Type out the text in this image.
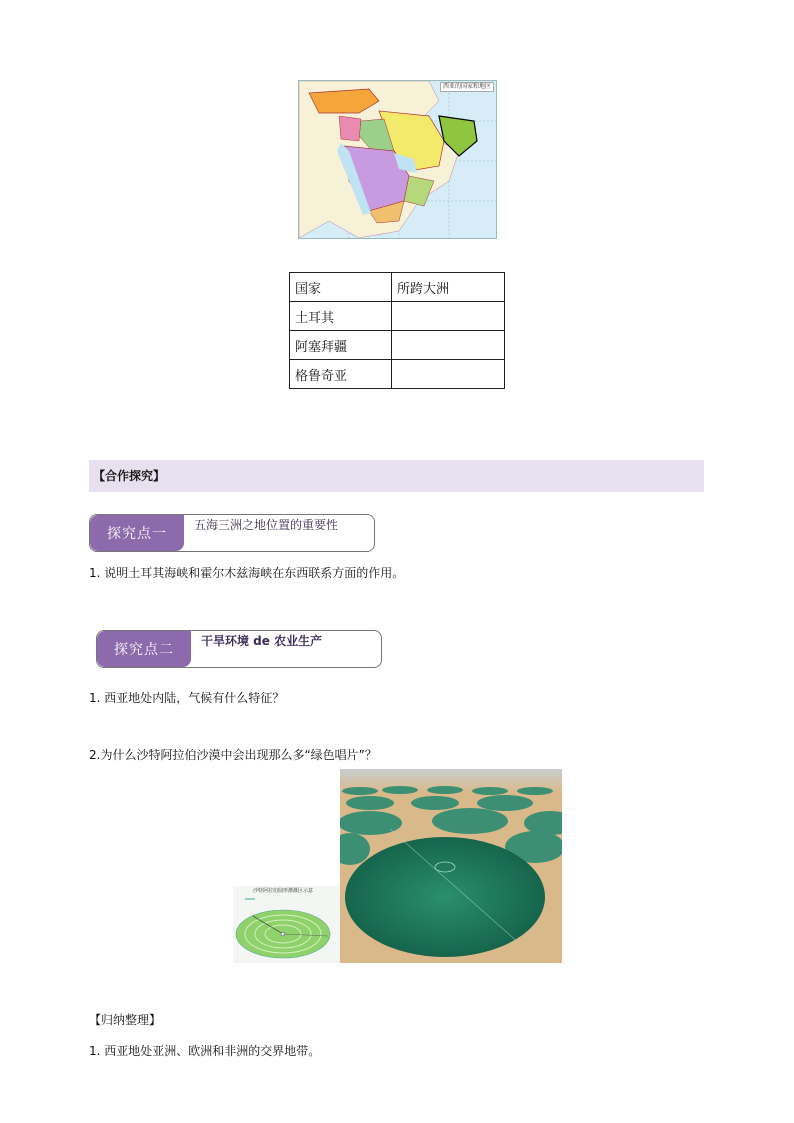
西亚的国家和地区
国家	所跨大洲
土耳其	
阿塞拜疆	
格鲁奇亚	
【合作探究】
探究点一
五海三洲之地位置的重要性
1. 说明土耳其海峡和霍尔木兹海峡在东西联系方面的作用。
探究点二
干旱环境 de 农业生产
1. 西亚地处内陆，气候有什么特征？
2.为什么沙特阿拉伯沙漠中会出现那么多“绿色唱片”？
沙特阿拉伯圆形灌溉区示意
【归纳整理】
1. 西亚地处亚洲、欧洲和非洲的交界地带。
